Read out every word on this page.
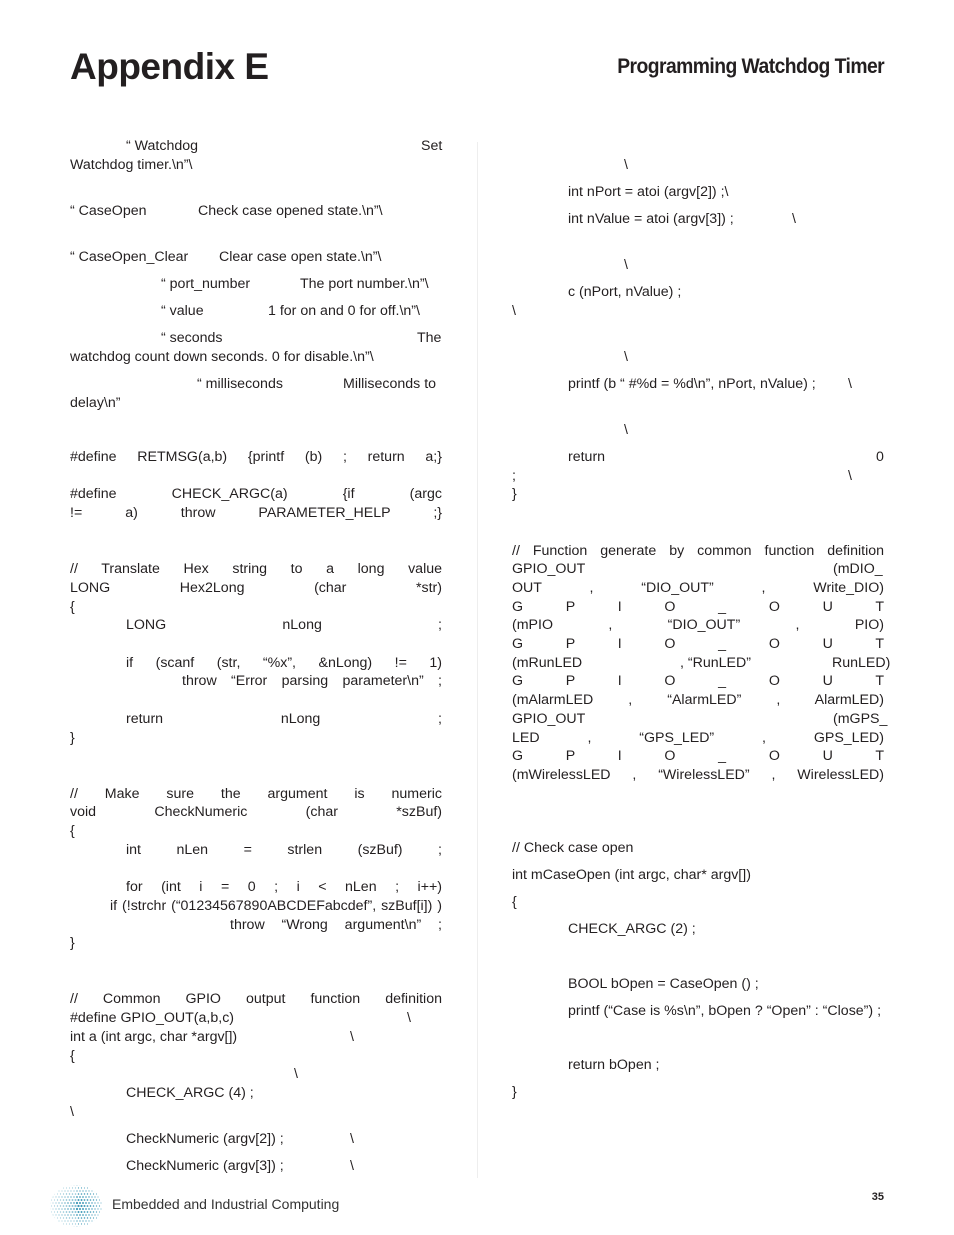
Appendix E	Programming Watchdog Timer
“ Watchdog	Set
Watchdog timer.\n”\
“ CaseOpen	Check case opened state.\n”\
“ CaseOpen_Clear Clear case open state.\n”\
“ port_number	The port number.\n”\
“ value	1 for on and 0 for off.\n”\
“ seconds	The
watchdog count down seconds. 0 for disable.\n”\
“ milliseconds	Milliseconds to
delay\n”
#define RETMSG(a,b) {printf (b) ; return a;}
#define CHECK_ARGC(a) {if (argc
!= a) throw PARAMETER_HELP ;}
// Translate Hex string to a long value
LONG Hex2Long (char *str)
{
LONG nLong ;
if (scanf (str, “%x”, &nLong) != 1)
throw “Error parsing parameter\n” ;
return nLong ;
}
// Make sure the argument is numeric
void CheckNumeric (char *szBuf)
{
int nLen = strlen (szBuf) ;
for (int i = 0 ; i < nLen ; i++)
if (!strchr (“01234567890ABCDEFabcdef”, szBuf[i]) )
throw “Wrong argument\n” ;
}
// Common GPIO output function definition
#define GPIO_OUT(a,b,c)	\
int a (int argc, char *argv[])	\
{
\
CHECK_ARGC (4) ;
\
CheckNumeric (argv[2]) ;	\
CheckNumeric (argv[3]) ;	\
\
int nPort = atoi (argv[2]) ;\
int nValue = atoi (argv[3]) ;	\
\
c (nPort, nValue) ;
\
\
printf (b “ #%d = %d\n”, nPort, nValue) ; \
\
return	0
;	\
}
// Function generate by common function definition
GPIO_OUT	(mDIO_
OUT , “DIO_OUT” , Write_DIO)
G P I O _ O U T
(mPIO , “DIO_OUT” , PIO)
G P I O _ O U T
(mRunLED	, “RunLED”	RunLED)
G P I O _ O U T
(mAlarmLED , “AlarmLED” , AlarmLED)
GPIO_OUT	(mGPS_
LED , “GPS_LED” , GPS_LED)
G P I O _ O U T
(mWirelessLED , “WirelessLED” , WirelessLED)
// Check case open
int mCaseOpen (int argc, char* argv[])
{
CHECK_ARGC (2) ;
BOOL bOpen = CaseOpen () ;
printf (“Case is %s\n”, bOpen ? “Open” : “Close”) ;
return bOpen ;
}
Embedded and Industrial Computing	35
